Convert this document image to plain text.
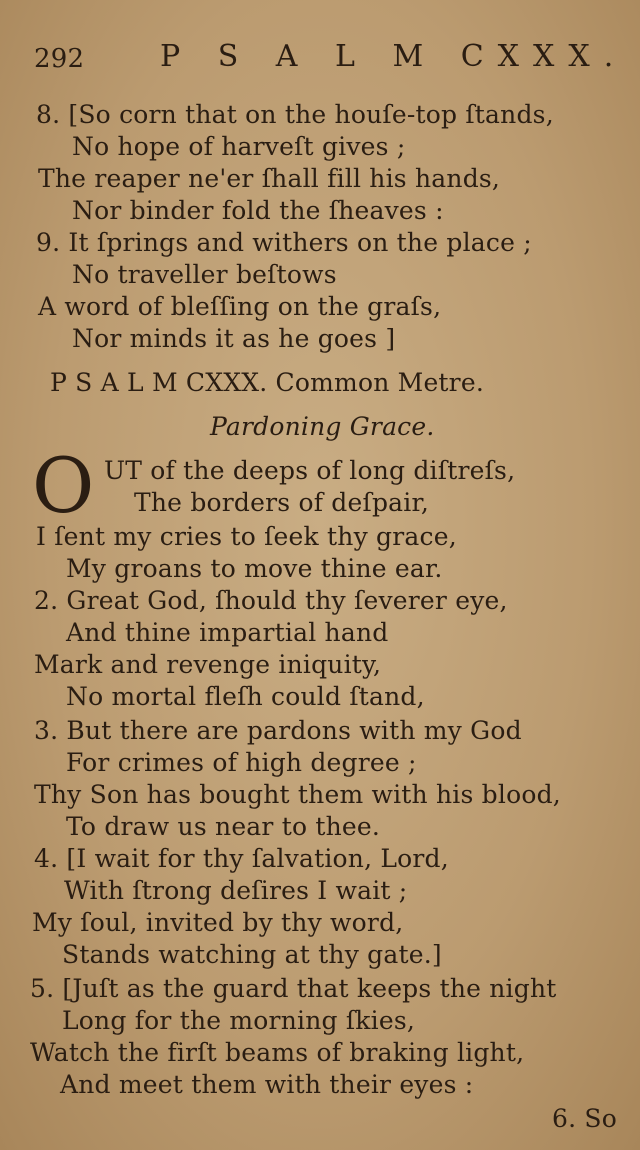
292	P S A L M CXXX.
8. [So corn that on the houſe-top ſtands,
No hope of harveſt gives ;
The reaper ne'er ſhall fill his hands,
Nor binder fold the ſheaves :
9. It ſprings and withers on the place ;
No traveller beſtows
A word of bleſſing on the graſs,
Nor minds it as he goes ]
P S A L M CXXX. Common Metre.
Pardoning Grace.
O UT of the deeps of long diſtreſs,
The borders of deſpair,
I ſent my cries to ſeek thy grace,
My groans to move thine ear.
2. Great God, ſhould thy ſeverer eye,
And thine impartial hand
Mark and revenge iniquity,
No mortal fleſh could ſtand,
3. But there are pardons with my God
For crimes of high degree ;
Thy Son has bought them with his blood,
To draw us near to thee.
4. [I wait for thy ſalvation, Lord,
With ſtrong deſires I wait ;
My ſoul, invited by thy word,
Stands watching at thy gate.]
5. [Juſt as the guard that keeps the night
Long for the morning ſkies,
Watch the firſt beams of braking light,
And meet them with their eyes :
6. So
